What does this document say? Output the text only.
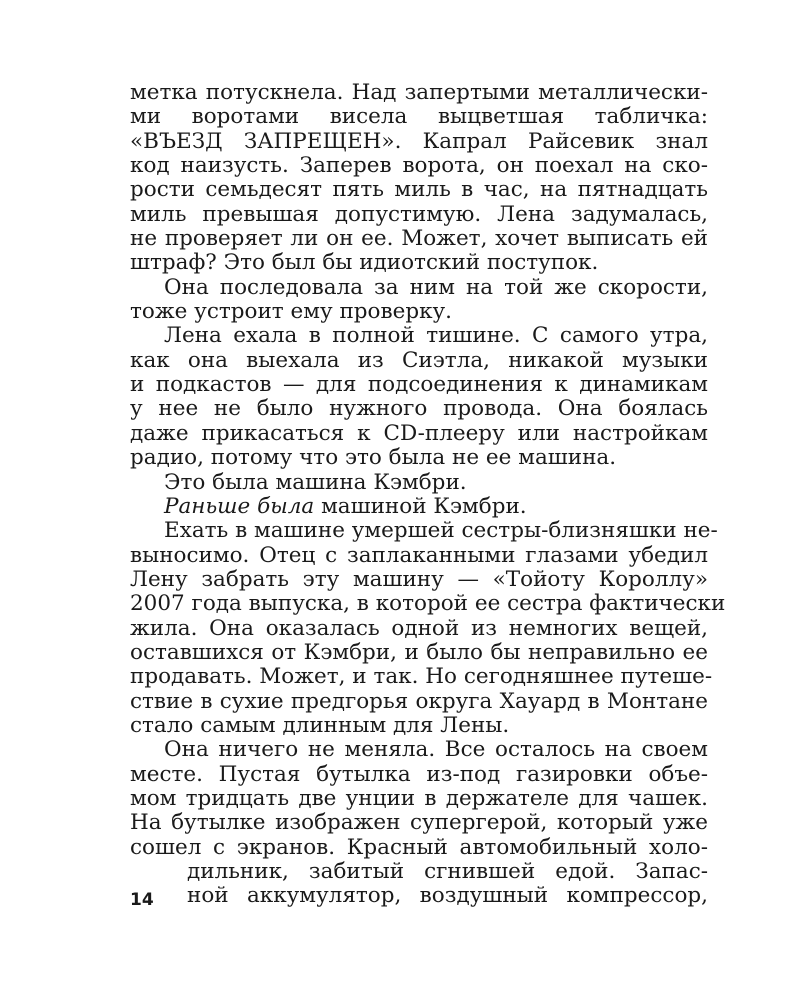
метка потускнела. Над запертыми металлически-
ми воротами висела выцветшая табличка:
«ВЪЕЗД ЗАПРЕЩЕН». Капрал Райсевик знал
код наизусть. Заперев ворота, он поехал на ско-
рости семьдесят пять миль в час, на пятнадцать
миль превышая допустимую. Лена задумалась,
не проверяет ли он ее. Может, хочет выписать ей
штраф? Это был бы идиотский поступок.
Она последовала за ним на той же скорости,
тоже устроит ему проверку.
Лена ехала в полной тишине. С самого утра,
как она выехала из Сиэтла, никакой музыки
и подкастов — для подсоединения к динамикам
у нее не было нужного провода. Она боялась
даже прикасаться к CD-плееру или настройкам
радио, потому что это была не ее машина.
Это была машина Кэмбри.
Раньше была машиной Кэмбри.
Ехать в машине умершей сестры-близняшки не-
выносимо. Отец с заплаканными глазами убедил
Лену забрать эту машину — «Тойоту Короллу»
2007 года выпуска, в которой ее сестра фактически
жила. Она оказалась одной из немногих вещей,
оставшихся от Кэмбри, и было бы неправильно ее
продавать. Может, и так. Но сегодняшнее путеше-
ствие в сухие предгорья округа Хауард в Монтане
стало самым длинным для Лены.
Она ничего не меняла. Все осталось на своем
месте. Пустая бутылка из-под газировки объе-
мом тридцать две унции в держателе для чашек.
На бутылке изображен супергерой, который уже
сошел с экранов. Красный автомобильный холо-
дильник, забитый сгнившей едой. Запас-
ной аккумулятор, воздушный компрессор,
14
